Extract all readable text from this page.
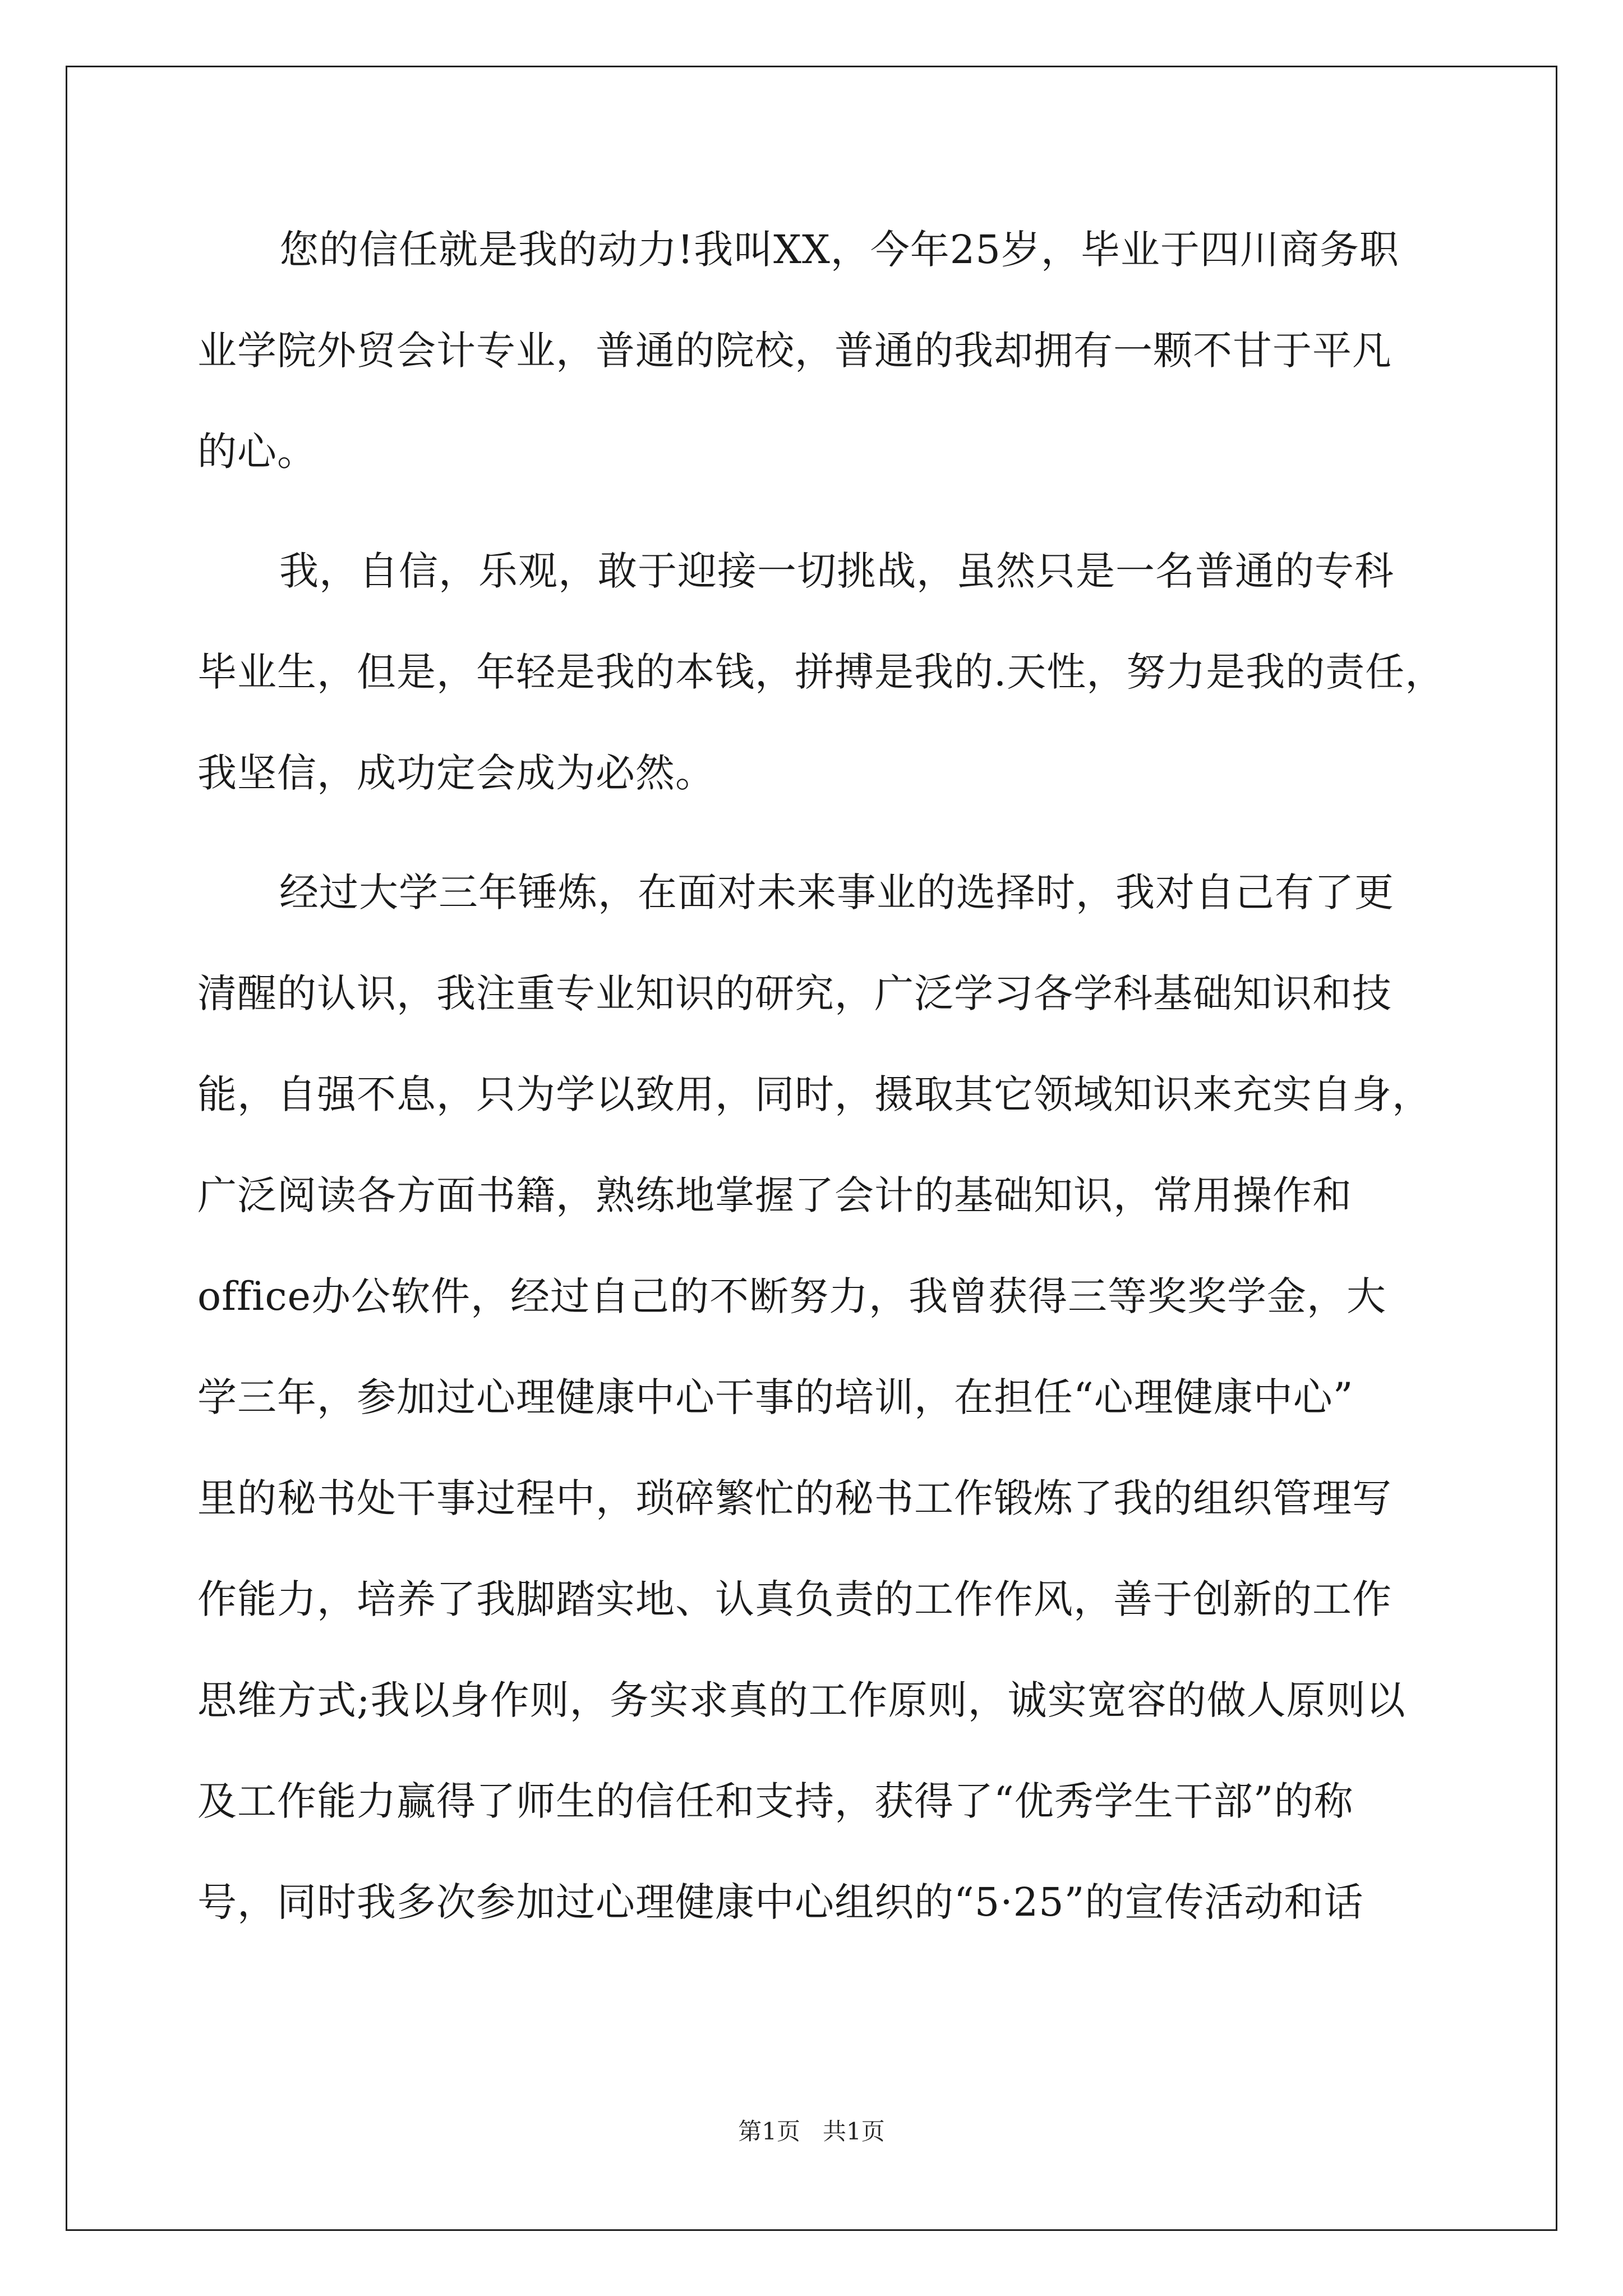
您的信任就是我的动力!我叫XX，今年25岁，毕业于四川商务职
业学院外贸会计专业，普通的院校，普通的我却拥有一颗不甘于平凡
的心。
我，自信，乐观，敢于迎接一切挑战，虽然只是一名普通的专科
毕业生，但是，年轻是我的本钱，拼搏是我的.天性，努力是我的责任，
我坚信，成功定会成为必然。
经过大学三年锤炼，在面对未来事业的选择时，我对自己有了更
清醒的认识，我注重专业知识的研究，广泛学习各学科基础知识和技
能，自强不息，只为学以致用，同时，摄取其它领域知识来充实自身，
广泛阅读各方面书籍，熟练地掌握了会计的基础知识，常用操作和
office办公软件，经过自己的不断努力，我曾获得三等奖奖学金，大
学三年，参加过心理健康中心干事的培训，在担任“心理健康中心”
里的秘书处干事过程中，琐碎繁忙的秘书工作锻炼了我的组织管理写
作能力，培养了我脚踏实地、认真负责的工作作风，善于创新的工作
思维方式;我以身作则，务实求真的工作原则，诚实宽容的做人原则以
及工作能力赢得了师生的信任和支持，获得了“优秀学生干部”的称
号，同时我多次参加过心理健康中心组织的“5·25”的宣传活动和话
第1页   共1页
